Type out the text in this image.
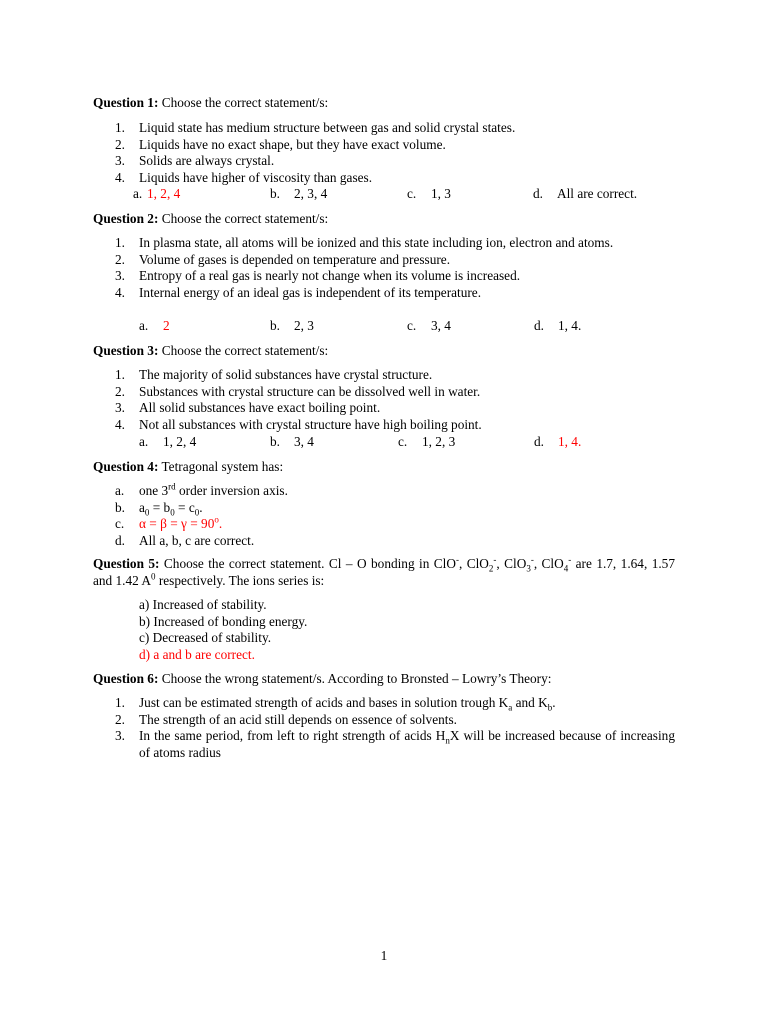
Question 1: Choose the correct statement/s:

1. Liquid state has medium structure between gas and solid crystal states.
2. Liquids have no exact shape, but they have exact volume.
3. Solids are always crystal.
4. Liquids have higher of viscosity than gases.
a. 1, 2, 4	b. 2, 3, 4	c. 1, 3	d. All are correct.

Question 2: Choose the correct statement/s:

1. In plasma state, all atoms will be ionized and this state including ion, electron and atoms.
2. Volume of gases is depended on temperature and pressure.
3. Entropy of a real gas is nearly not change when its volume is increased.
4. Internal energy of an ideal gas is independent of its temperature.
a. 2	b. 2, 3	c. 3, 4	d. 1, 4.

Question 3: Choose the correct statement/s:

1. The majority of solid substances have crystal structure.
2. Substances with crystal structure can be dissolved well in water.
3. All solid substances have exact boiling point.
4. Not all substances with crystal structure have high boiling point.
a. 1, 2, 4	b. 3, 4	c. 1, 2, 3	d. 1, 4.

Question 4: Tetragonal system has:

a. one 3rd order inversion axis.
b. $a_0 = b_0 = c_0$.
c. $\alpha = \beta = \gamma = 90^o$.
d. All a, b, c are correct.

Question 5: Choose the correct statement. Cl – O bonding in ClO-, ClO$_2$-, ClO$_3$-, ClO$_4$- are 1.7, 1.64, 1.57 and 1.42 $A^0$ respectively. The ions series is:

a) Increased of stability.
b) Increased of bonding energy.
c) Decreased of stability.
d) a and b are correct.

Question 6: Choose the wrong statement/s. According to Bronsted – Lowry’s Theory:

1. Just can be estimated strength of acids and bases in solution trough $K_a$ and $K_b$.
2. The strength of an acid still depends on essence of solvents.
3. In the same period, from left to right strength of acids $H_nX$ will be increased because of increasing of atoms radius
1
